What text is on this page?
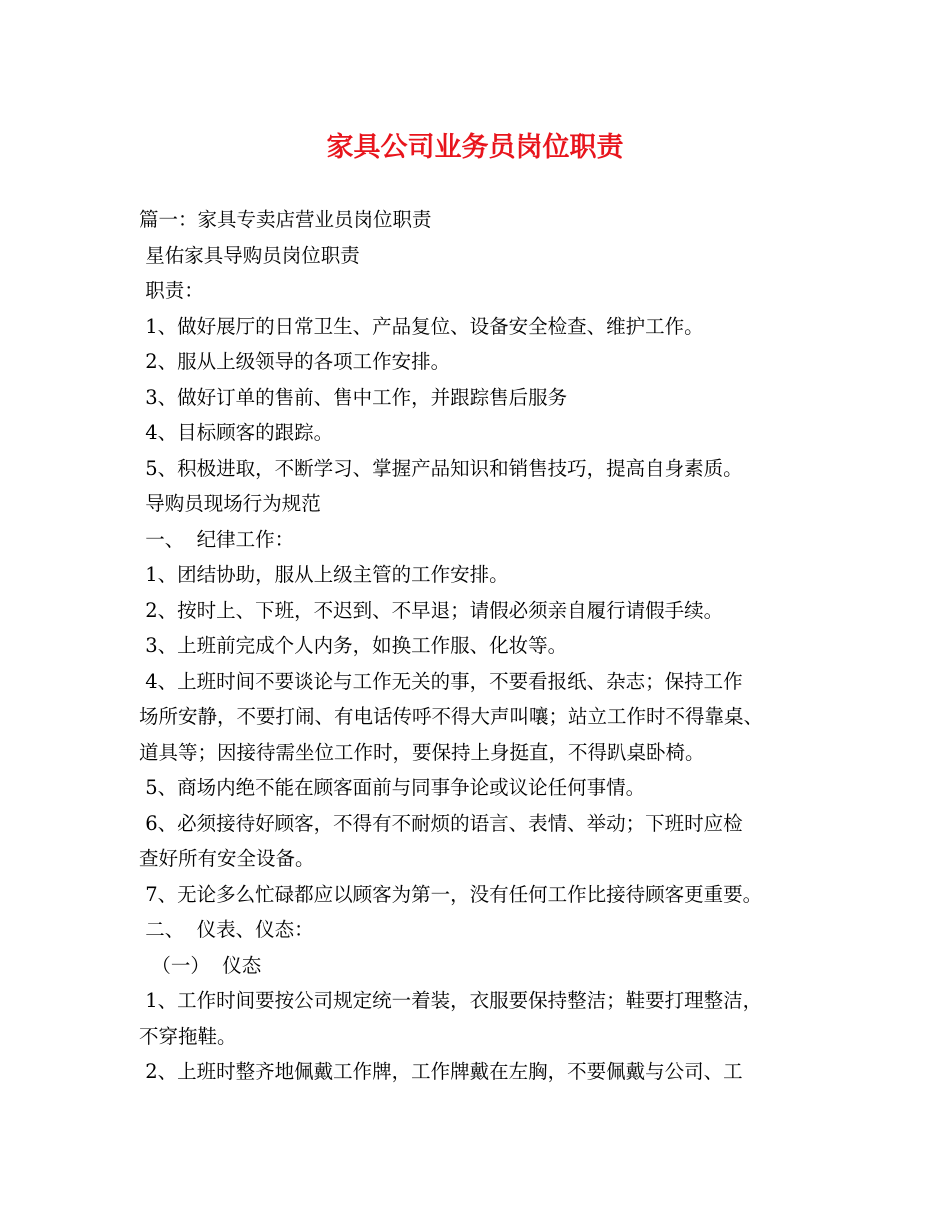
家具公司业务员岗位职责
篇一：家具专卖店营业员岗位职责
星佑家具导购员岗位职责
职责：
1、做好展厅的日常卫生、产品复位、设备安全检查、维护工作。
2、服从上级领导的各项工作安排。
3、做好订单的售前、售中工作，并跟踪售后服务
4、目标顾客的跟踪。
5、积极进取，不断学习、掌握产品知识和销售技巧，提高自身素质。
导购员现场行为规范
一、  纪律工作：
1、团结协助，服从上级主管的工作安排。
2、按时上、下班，不迟到、不早退；请假必须亲自履行请假手续。
3、上班前完成个人内务，如换工作服、化妆等。
4、上班时间不要谈论与工作无关的事，不要看报纸、杂志；保持工作
场所安静，不要打闹、有电话传呼不得大声叫嚷；站立工作时不得靠桌、
道具等；因接待需坐位工作时，要保持上身挺直，不得趴桌卧椅。
5、商场内绝不能在顾客面前与同事争论或议论任何事情。
6、必须接待好顾客，不得有不耐烦的语言、表情、举动；下班时应检
查好所有安全设备。
7、无论多么忙碌都应以顾客为第一，没有任何工作比接待顾客更重要。
二、  仪表、仪态：
（一）  仪态
1、工作时间要按公司规定统一着装，衣服要保持整洁；鞋要打理整洁，
不穿拖鞋。
2、上班时整齐地佩戴工作牌，工作牌戴在左胸，不要佩戴与公司、工
